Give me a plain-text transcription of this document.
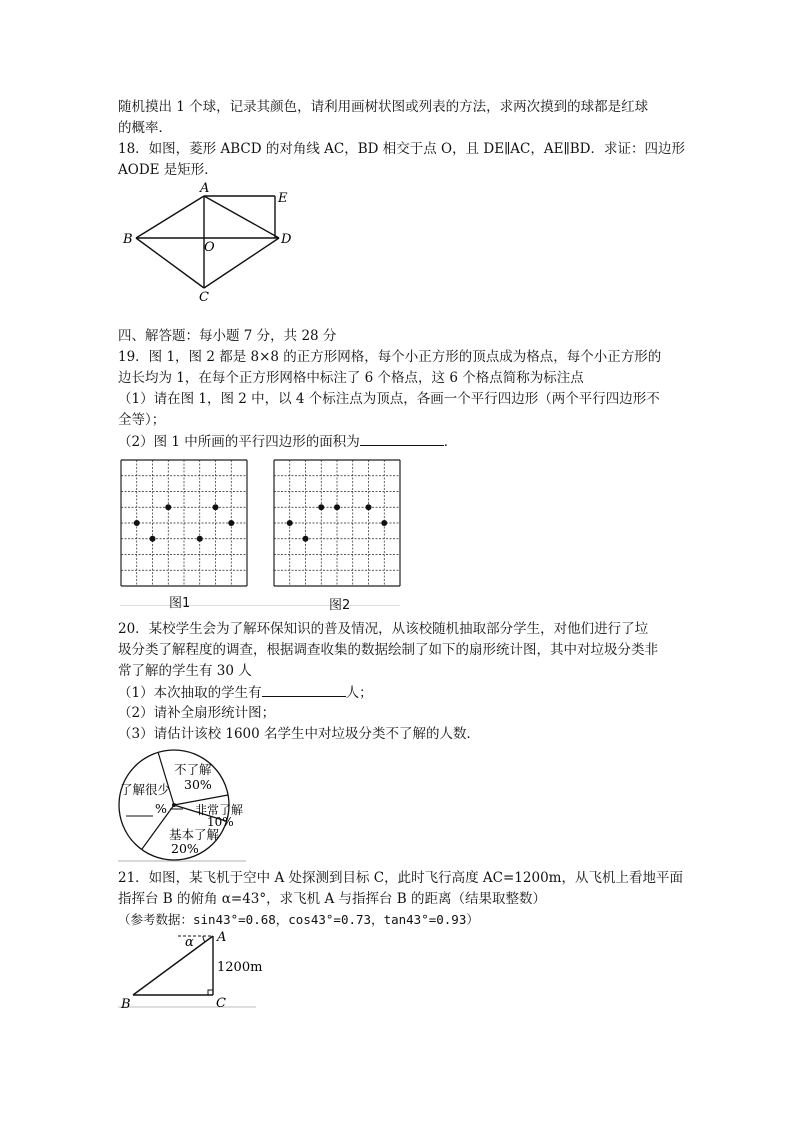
随机摸出 1 个球，记录其颜色，请利用画树状图或列表的方法，求两次摸到的球都是红球
的概率．
18．如图，菱形 ABCD 的对角线 AC，BD 相交于点 O，且 DE∥AC，AE∥BD．求证：四边形
AODE 是矩形．
A
B
C
D
E
O
四、解答题：每小题 7 分，共 28 分
19．图 1，图 2 都是 8×8 的正方形网格，每个小正方形的顶点成为格点，每个小正方形的
边长均为 1，在每个正方形网格中标注了 6 个格点，这 6 个格点简称为标注点
（1）请在图 1，图 2 中，以 4 个标注点为顶点，各画一个平行四边形（两个平行四边形不
全等）；
（2）图 1 中所画的平行四边形的面积为	．
图1	图2
20．某校学生会为了解环保知识的普及情况，从该校随机抽取部分学生，对他们进行了垃
圾分类了解程度的调查，根据调查收集的数据绘制了如下的扇形统计图，其中对垃圾分类非
常了解的学生有 30 人
（1）本次抽取的学生有	人；
（2）请补全扇形统计图；
（3）请估计该校 1600 名学生中对垃圾分类不了解的人数．
不了解
30%
了解很少
% 非常了解
10%
基本了解
20%
21．如图，某飞机于空中 A 处探测到目标 C，此时飞行高度 AC=1200m，从飞机上看地平面
指挥台 B 的俯角 α=43°，求飞机 A 与指挥台 B 的距离（结果取整数）
（参考数据：sin43°=0.68，cos43°=0.73，tan43°=0.93）
α A
B	C
1200m
